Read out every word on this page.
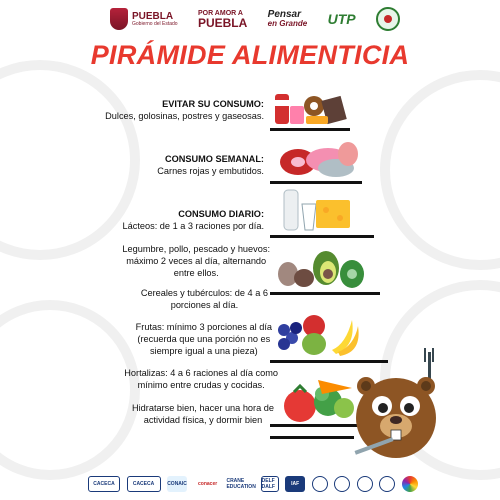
PUEBLA
Gobierno del Estado
POR AMOR A
PUEBLA
Pensar
en Grande UTP
PIRÁMIDE ALIMENTICIA
EVITAR SU CONSUMO:
Dulces, golosinas, postres y gaseosas.
CONSUMO SEMANAL:
Carnes rojas y embutidos.
CONSUMO DIARIO:
Lácteos: de 1 a 3 raciones por día.
Legumbre, pollo, pescado y huevos:
máximo 2 veces al día, alternando
entre ellos.
Cereales y tubérculos: de 4 a 6
porciones al día.
Frutas: mínimo 3 porciones al día
(recuerda que una porción no es
siempre igual a una pieza)
Hortalizas: 4 a 6 raciones al día como
mínimo entre crudas y cocidas.
Hidratarse bien, hacer una hora de
actividad física, y dormir bien
CACECA	CACECA	CONAIC	conacer	CRANE EDUCATION
DELF DALF	IAF
